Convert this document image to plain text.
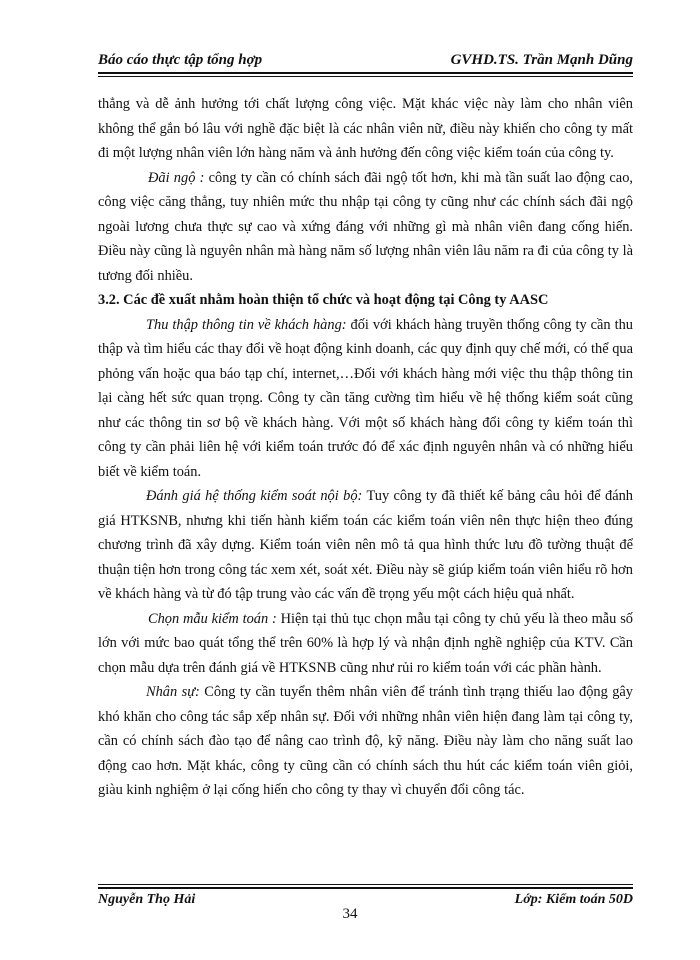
Báo cáo thực tập tổng hợp	GVHD.TS. Trần Mạnh Dũng

thẳng và dễ ảnh hưởng tới chất lượng công việc. Mặt khác việc này làm cho nhân viên không thể gắn bó lâu với nghề đặc biệt là các nhân viên nữ, điều này khiến cho công ty mất đi một lượng nhân viên lớn hàng năm và ảnh hưởng đến công việc kiểm toán của công ty.

Đãi ngộ : công ty cần có chính sách đãi ngộ tốt hơn, khi mà tần suất lao động cao, công việc căng thẳng, tuy nhiên mức thu nhập tại công ty cũng như các chính sách đãi ngộ ngoài lương chưa thực sự cao và xứng đáng với những gì mà nhân viên đang cống hiến. Điều này cũng là nguyên nhân mà hàng năm số lượng nhân viên lâu năm ra đi của công ty là tương đối nhiều.

3.2. Các đề xuất nhằm hoàn thiện tổ chức và hoạt động tại Công ty AASC

Thu thập thông tin về khách hàng: đối với khách hàng truyền thống công ty cần thu thập và tìm hiểu các thay đổi về hoạt động kinh doanh, các quy định quy chế mới, có thể qua phỏng vấn hoặc qua báo tạp chí, internet,…Đối với khách hàng mới việc thu thập thông tin lại càng hết sức quan trọng. Công ty cần tăng cường tìm hiểu về hệ thống kiểm soát cũng như các thông tin sơ bộ về khách hàng. Với một số khách hàng đổi công ty kiểm toán thì công ty cần phải liên hệ với kiểm toán trước đó để xác định nguyên nhân và có những hiểu biết về kiểm toán.

Đánh giá hệ thống kiểm soát nội bộ: Tuy công ty đã thiết kế bảng câu hỏi để đánh giá HTKSNB, nhưng khi tiến hành kiểm toán các kiểm toán viên nên thực hiện theo đúng chương trình đã xây dựng. Kiểm toán viên nên mô tả qua hình thức lưu đồ tường thuật để thuận tiện hơn trong công tác xem xét, soát xét. Điều này sẽ giúp kiểm toán viên hiểu rõ hơn về khách hàng và từ đó tập trung vào các vấn đề trọng yếu một cách hiệu quả nhất.

Chọn mẫu kiểm toán : Hiện tại thủ tục chọn mẫu tại công ty chủ yếu là theo mẫu số lớn với mức bao quát tổng thể trên 60% là hợp lý và nhận định nghề nghiệp của KTV. Cần chọn mẫu dựa trên đánh giá về HTKSNB cũng như rủi ro kiểm toán với các phần hành.

Nhân sự: Công ty cần tuyển thêm nhân viên để tránh tình trạng thiếu lao động gây khó khăn cho công tác sắp xếp nhân sự. Đối với những nhân viên hiện đang làm tại công ty, cần có chính sách đào tạo để nâng cao trình độ, kỹ năng. Điều này làm cho năng suất lao động cao hơn. Mặt khác, công ty cũng cần có chính sách thu hút các kiểm toán viên giỏi, giàu kinh nghiệm ở lại cống hiến cho công ty thay vì chuyển đổi công tác.

Nguyễn Thọ Hải	Lớp: Kiểm toán 50D
34
